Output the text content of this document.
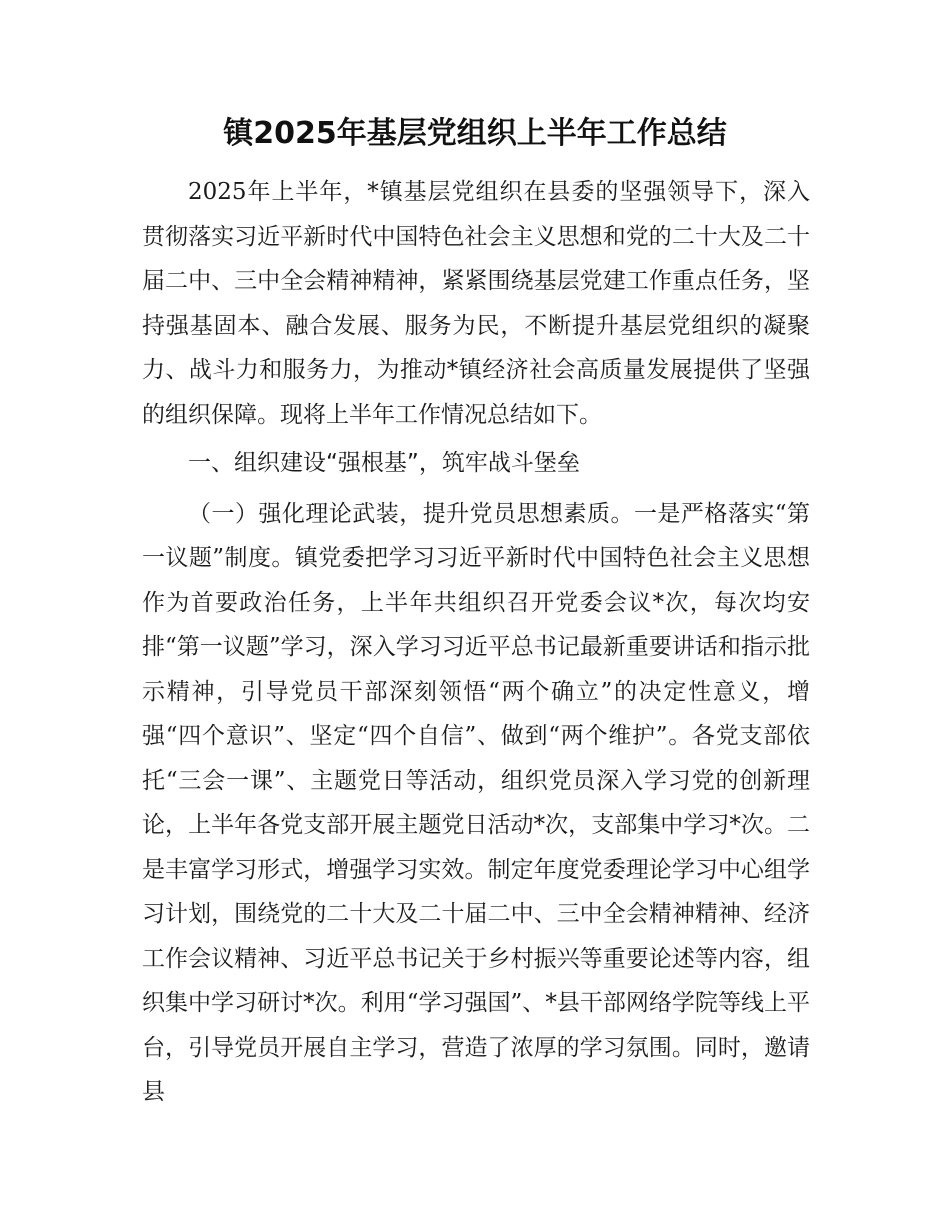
镇2025年基层党组织上半年工作总结

2025年上半年，*镇基层党组织在县委的坚强领导下，深入贯彻落实习近平新时代中国特色社会主义思想和党的二十大及二十届二中、三中全会精神精神，紧紧围绕基层党建工作重点任务，坚持强基固本、融合发展、服务为民，不断提升基层党组织的凝聚力、战斗力和服务力，为推动*镇经济社会高质量发展提供了坚强的组织保障。现将上半年工作情况总结如下。

一、组织建设“强根基”，筑牢战斗堡垒

（一）强化理论武装，提升党员思想素质。一是严格落实“第一议题”制度。镇党委把学习习近平新时代中国特色社会主义思想作为首要政治任务，上半年共组织召开党委会议*次，每次均安排“第一议题”学习，深入学习习近平总书记最新重要讲话和指示批示精神，引导党员干部深刻领悟“两个确立”的决定性意义，增强“四个意识”、坚定“四个自信”、做到“两个维护”。各党支部依托“三会一课”、主题党日等活动，组织党员深入学习党的创新理论，上半年各党支部开展主题党日活动*次，支部集中学习*次。二是丰富学习形式，增强学习实效。制定年度党委理论学习中心组学习计划，围绕党的二十大及二十届二中、三中全会精神精神、经济工作会议精神、习近平总书记关于乡村振兴等重要论述等内容，组织集中学习研讨*次。利用“学习强国”、*县干部网络学院等线上平台，引导党员开展自主学习，营造了浓厚的学习氛围。同时，邀请县
